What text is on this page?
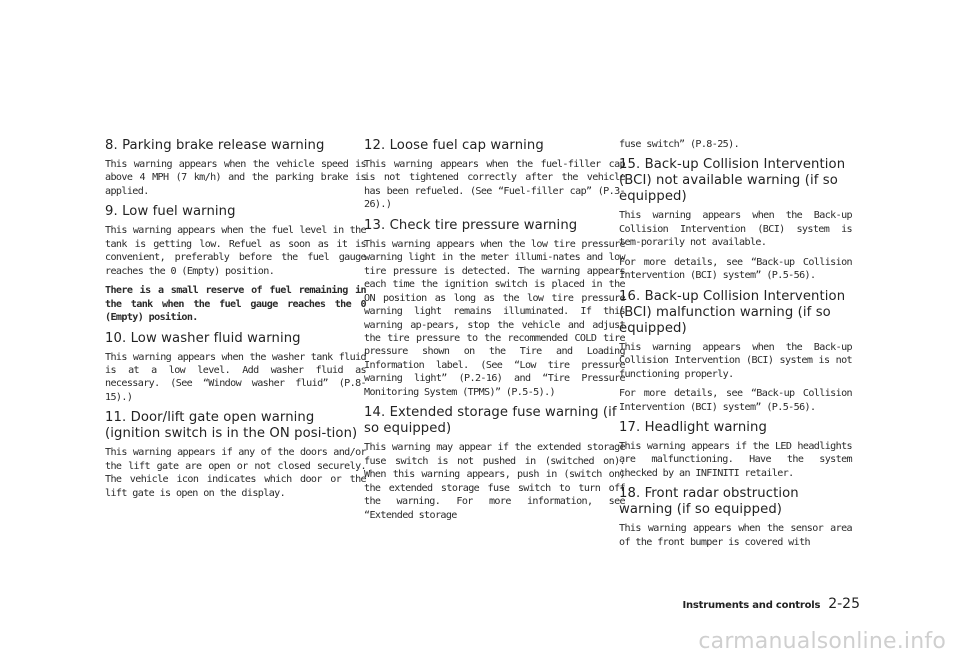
8. Parking brake release warning

This warning appears when the vehicle speed is above 4 MPH (7 km/h) and the parking brake is applied.

9. Low fuel warning

This warning appears when the fuel level in the tank is getting low. Refuel as soon as it is convenient, preferably before the fuel gauge reaches the 0 (Empty) position.

There is a small reserve of fuel remaining in the tank when the fuel gauge reaches the 0 (Empty) position.

10. Low washer fluid warning

This warning appears when the washer tank fluid is at a low level. Add washer fluid as necessary. (See “Window washer fluid” (P.8-15).)

11. Door/lift gate open warning (ignition switch is in the ON posi-tion)

This warning appears if any of the doors and/or the lift gate are open or not closed securely. The vehicle icon indicates which door or the lift gate is open on the display.

12. Loose fuel cap warning

This warning appears when the fuel-filler cap is not tightened correctly after the vehicle has been refueled. (See “Fuel-filler cap” (P.3-26).)

13. Check tire pressure warning

This warning appears when the low tire pressure warning light in the meter illumi-nates and low tire pressure is detected. The warning appears each time the ignition switch is placed in the ON position as long as the low tire pressure warning light remains illuminated. If this warning ap-pears, stop the vehicle and adjust the tire pressure to the recommended COLD tire pressure shown on the Tire and Loading Information label. (See “Low tire pressure warning light” (P.2-16) and “Tire Pressure Monitoring System (TPMS)” (P.5-5).)

14. Extended storage fuse warning (if so equipped)

This warning may appear if the extended storage fuse switch is not pushed in (switched on). When this warning appears, push in (switch on) the extended storage fuse switch to turn off the warning. For more information, see “Extended storage

fuse switch” (P.8-25).

15. Back-up Collision Intervention (BCI) not available warning (if so equipped)

This warning appears when the Back-up Collision Intervention (BCI) system is tem-porarily not available.

For more details, see “Back-up Collision Intervention (BCI) system” (P.5-56).

16. Back-up Collision Intervention (BCI) malfunction warning (if so equipped)

This warning appears when the Back-up Collision Intervention (BCI) system is not functioning properly.

For more details, see “Back-up Collision Intervention (BCI) system” (P.5-56).

17. Headlight warning

This warning appears if the LED headlights are malfunctioning. Have the system checked by an INFINITI retailer.

18. Front radar obstruction warning (if so equipped)

This warning appears when the sensor area of the front bumper is covered with

Instruments and controls 2-25
carmanualsonline.info
